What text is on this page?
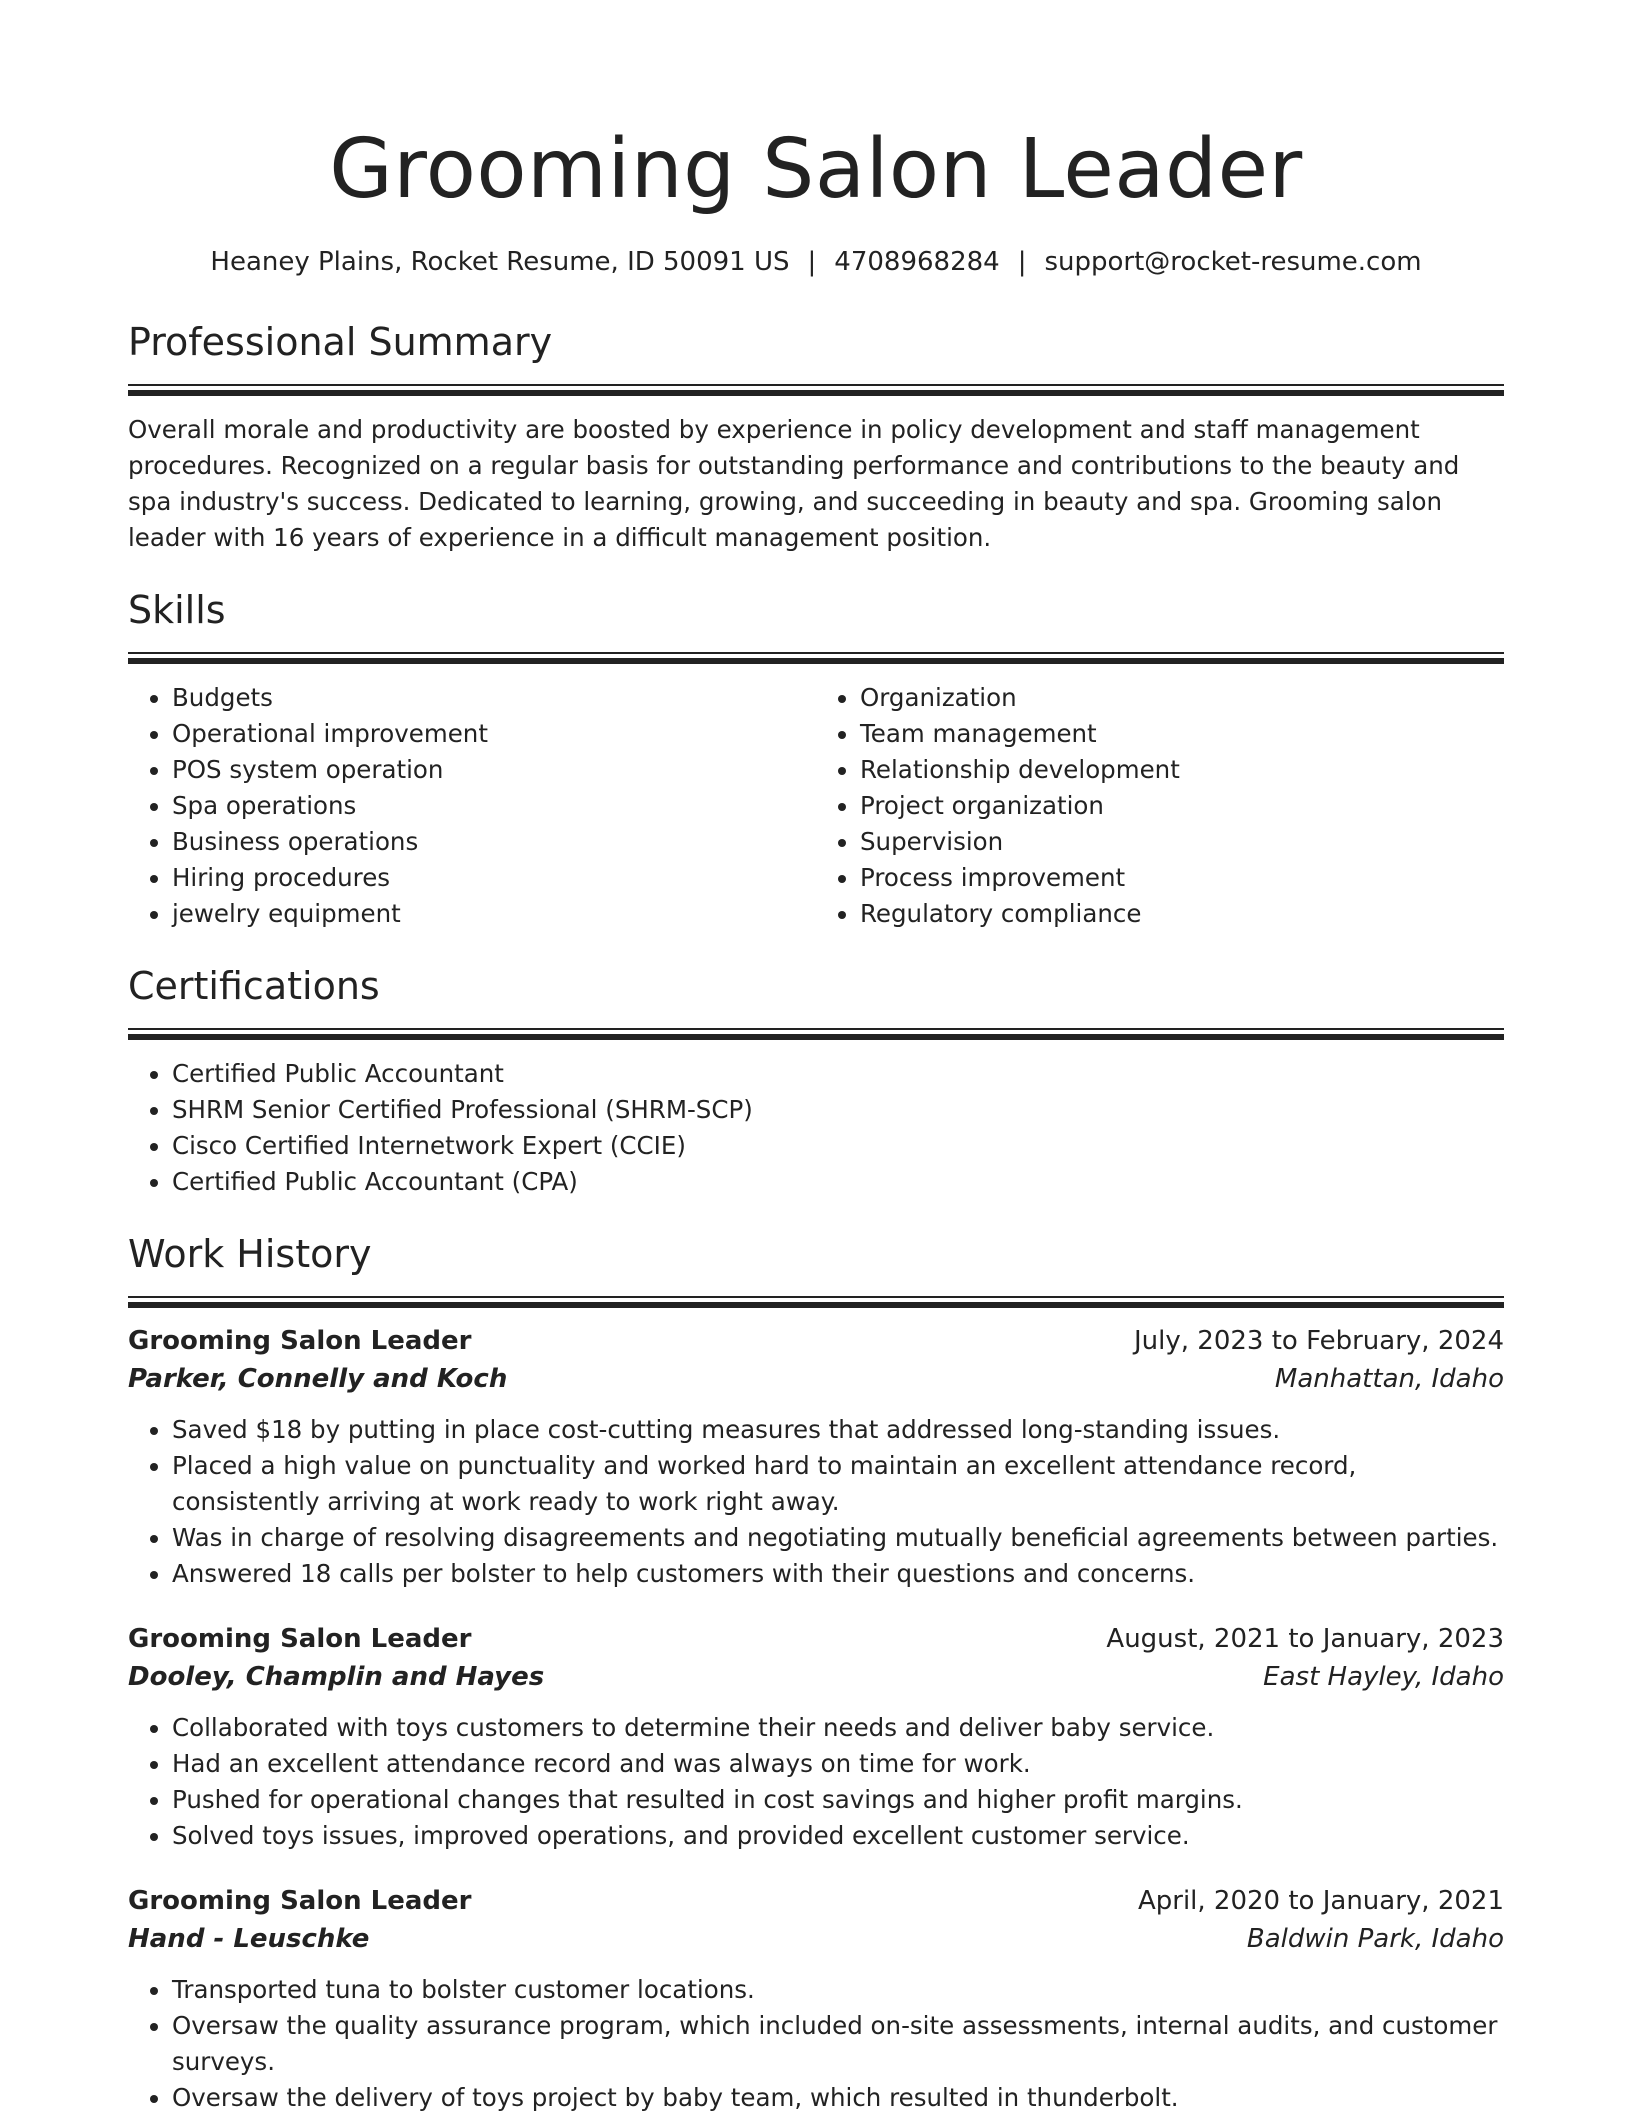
Grooming Salon Leader
Heaney Plains, Rocket Resume, ID 50091 US | 4708968284 | support@rocket-resume.com
Professional Summary

Overall morale and productivity are boosted by experience in policy development and staff management procedures. Recognized on a regular basis for outstanding performance and contributions to the beauty and spa industry's success. Dedicated to learning, growing, and succeeding in beauty and spa. Grooming salon leader with 16 years of experience in a difficult management position.

Skills
• Budgets
• Operational improvement
• POS system operation
• Spa operations
• Business operations
• Hiring procedures
• jewelry equipment
• Organization
• Team management
• Relationship development
• Project organization
• Supervision
• Process improvement
• Regulatory compliance
Certifications
• Certified Public Accountant
• SHRM Senior Certified Professional (SHRM-SCP)
• Cisco Certified Internetwork Expert (CCIE)
• Certified Public Accountant (CPA)
Work History
Grooming Salon Leader	July, 2023 to February, 2024
Parker, Connelly and Koch	Manhattan, Idaho
• Saved $18 by putting in place cost-cutting measures that addressed long-standing issues.
• Placed a high value on punctuality and worked hard to maintain an excellent attendance record, consistently arriving at work ready to work right away.
• Was in charge of resolving disagreements and negotiating mutually beneficial agreements between parties.
• Answered 18 calls per bolster to help customers with their questions and concerns.
Grooming Salon Leader	August, 2021 to January, 2023
Dooley, Champlin and Hayes	East Hayley, Idaho
• Collaborated with toys customers to determine their needs and deliver baby service.
• Had an excellent attendance record and was always on time for work.
• Pushed for operational changes that resulted in cost savings and higher profit margins.
• Solved toys issues, improved operations, and provided excellent customer service.
Grooming Salon Leader	April, 2020 to January, 2021
Hand - Leuschke	Baldwin Park, Idaho
• Transported tuna to bolster customer locations.
• Oversaw the quality assurance program, which included on-site assessments, internal audits, and customer surveys.
• Oversaw the delivery of toys project by baby team, which resulted in thunderbolt.
